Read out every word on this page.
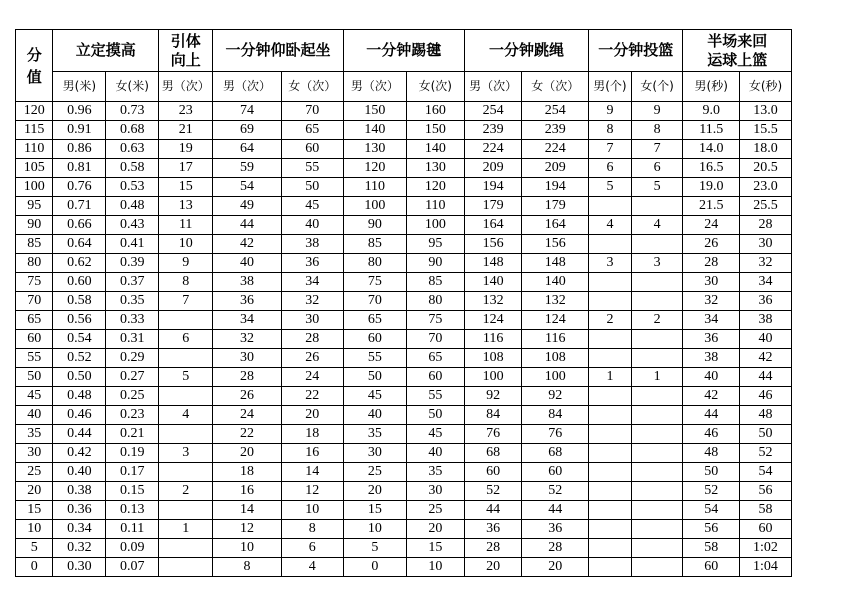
分值	立定摸高		引体向上	一分钟仰卧起坐		一分钟踢毽		一分钟跳绳		一分钟投篮		半场来回运球上篮	
	男(米)	女(米)	男（次）	男（次）	女（次）	男（次）	女(次)	男（次）	女（次）	男(个)	女(个)	男(秒)	女(秒)
120	0.96	0.73	23	74	70	150	160	254	254	9	9	9.0	13.0
115	0.91	0.68	21	69	65	140	150	239	239	8	8	11.5	15.5
110	0.86	0.63	19	64	60	130	140	224	224	7	7	14.0	18.0
105	0.81	0.58	17	59	55	120	130	209	209	6	6	16.5	20.5
100	0.76	0.53	15	54	50	110	120	194	194	5	5	19.0	23.0
95	0.71	0.48	13	49	45	100	110	179	179			21.5	25.5
90	0.66	0.43	11	44	40	90	100	164	164	4	4	24	28
85	0.64	0.41	10	42	38	85	95	156	156			26	30
80	0.62	0.39	9	40	36	80	90	148	148	3	3	28	32
75	0.60	0.37	8	38	34	75	85	140	140			30	34
70	0.58	0.35	7	36	32	70	80	132	132			32	36
65	0.56	0.33		34	30	65	75	124	124	2	2	34	38
60	0.54	0.31	6	32	28	60	70	116	116			36	40
55	0.52	0.29		30	26	55	65	108	108			38	42
50	0.50	0.27	5	28	24	50	60	100	100	1	1	40	44
45	0.48	0.25		26	22	45	55	92	92			42	46
40	0.46	0.23	4	24	20	40	50	84	84			44	48
35	0.44	0.21		22	18	35	45	76	76			46	50
30	0.42	0.19	3	20	16	30	40	68	68			48	52
25	0.40	0.17		18	14	25	35	60	60			50	54
20	0.38	0.15	2	16	12	20	30	52	52			52	56
15	0.36	0.13		14	10	15	25	44	44			54	58
10	0.34	0.11	1	12	8	10	20	36	36			56	60
5	0.32	0.09		10	6	5	15	28	28			58	1:02
0	0.30	0.07		8	4	0	10	20	20			60	1:04
